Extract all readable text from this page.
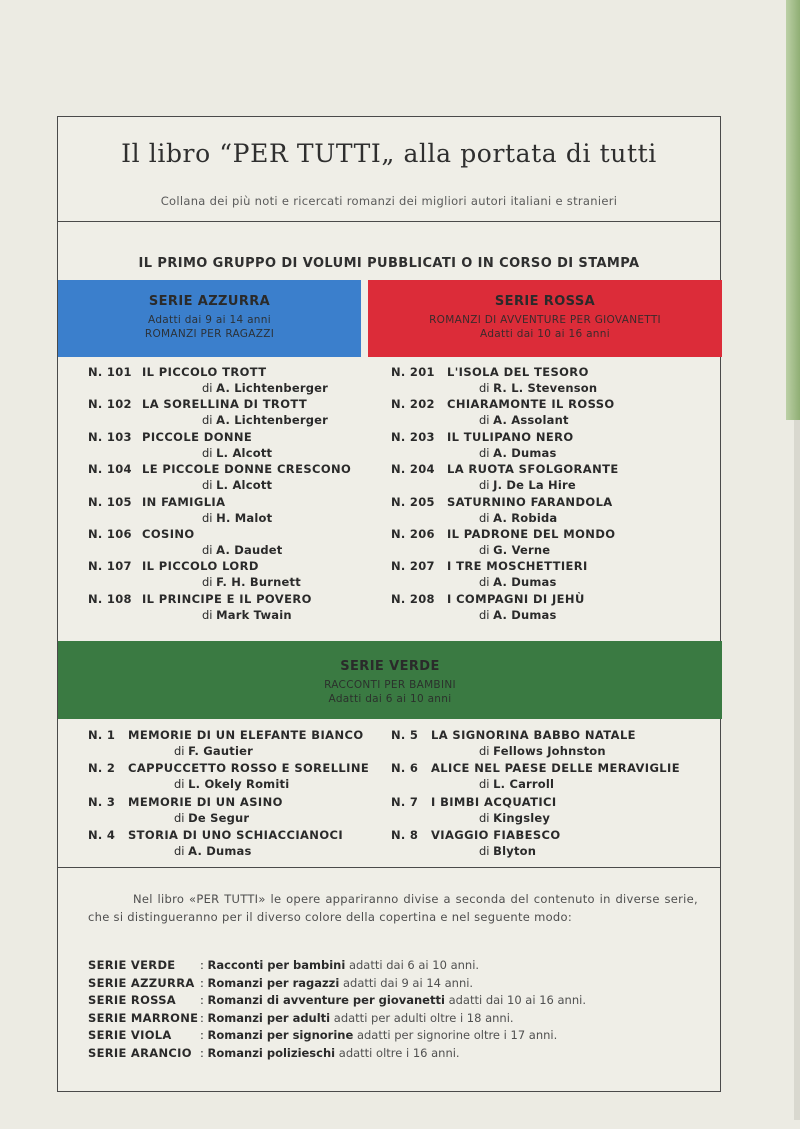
Il libro “PER TUTTI„ alla portata di tutti
Collana dei più noti e ricercati romanzi dei migliori autori italiani e stranieri
IL PRIMO GRUPPO DI VOLUMI PUBBLICATI O IN CORSO DI STAMPA
SERIE AZZURRA
Adatti dai 9 ai 14 anni
ROMANZI PER RAGAZZI
SERIE ROSSA
ROMANZI DI AVVENTURE PER GIOVANETTI
Adatti dai 10 ai 16 anni
N. 101 IL PICCOLO TROTT
di A. Lichtenberger
N. 102 LA SORELLINA DI TROTT
di A. Lichtenberger
N. 103 PICCOLE DONNE
di L. Alcott
N. 104 LE PICCOLE DONNE CRESCONO
di L. Alcott
N. 105 IN FAMIGLIA
di H. Malot
N. 106 COSINO
di A. Daudet
N. 107 IL PICCOLO LORD
di F. H. Burnett
N. 108 IL PRINCIPE E IL POVERO
di Mark Twain
N. 201 L'ISOLA DEL TESORO
di R. L. Stevenson
N. 202 CHIARAMONTE IL ROSSO
di A. Assolant
N. 203 IL TULIPANO NERO
di A. Dumas
N. 204 LA RUOTA SFOLGORANTE
di J. De La Hire
N. 205 SATURNINO FARANDOLA
di A. Robida
N. 206 IL PADRONE DEL MONDO
di G. Verne
N. 207 I TRE MOSCHETTIERI
di A. Dumas
N. 208 I COMPAGNI DI JEHÙ
di A. Dumas
SERIE VERDE
RACCONTI PER BAMBINI
Adatti dai 6 ai 10 anni
N. 1 MEMORIE DI UN ELEFANTE BIANCO
di F. Gautier
N. 2 CAPPUCCETTO ROSSO E SORELLINE
di L. Okely Romiti
N. 3 MEMORIE DI UN ASINO
di De Segur
N. 4 STORIA DI UNO SCHIACCIANOCI
di A. Dumas
N. 5 LA SIGNORINA BABBO NATALE
di Fellows Johnston
N. 6 ALICE NEL PAESE DELLE MERAVIGLIE
di L. Carroll
N. 7 I BIMBI ACQUATICI
di Kingsley
N. 8 VIAGGIO FIABESCO
di Blyton
Nel libro «PER TUTTI» le opere appariranno divise a seconda del contenuto in diverse serie, che si distingueranno per il diverso colore della copertina e nel seguente modo:
SERIE VERDE : Racconti per bambini adatti dai 6 ai 10 anni.
SERIE AZZURRA : Romanzi per ragazzi adatti dai 9 ai 14 anni.
SERIE ROSSA : Romanzi di avventure per giovanetti adatti dai 10 ai 16 anni.
SERIE MARRONE : Romanzi per adulti adatti per adulti oltre i 18 anni.
SERIE VIOLA : Romanzi per signorine adatti per signorine oltre i 17 anni.
SERIE ARANCIO : Romanzi polizieschi adatti oltre i 16 anni.
